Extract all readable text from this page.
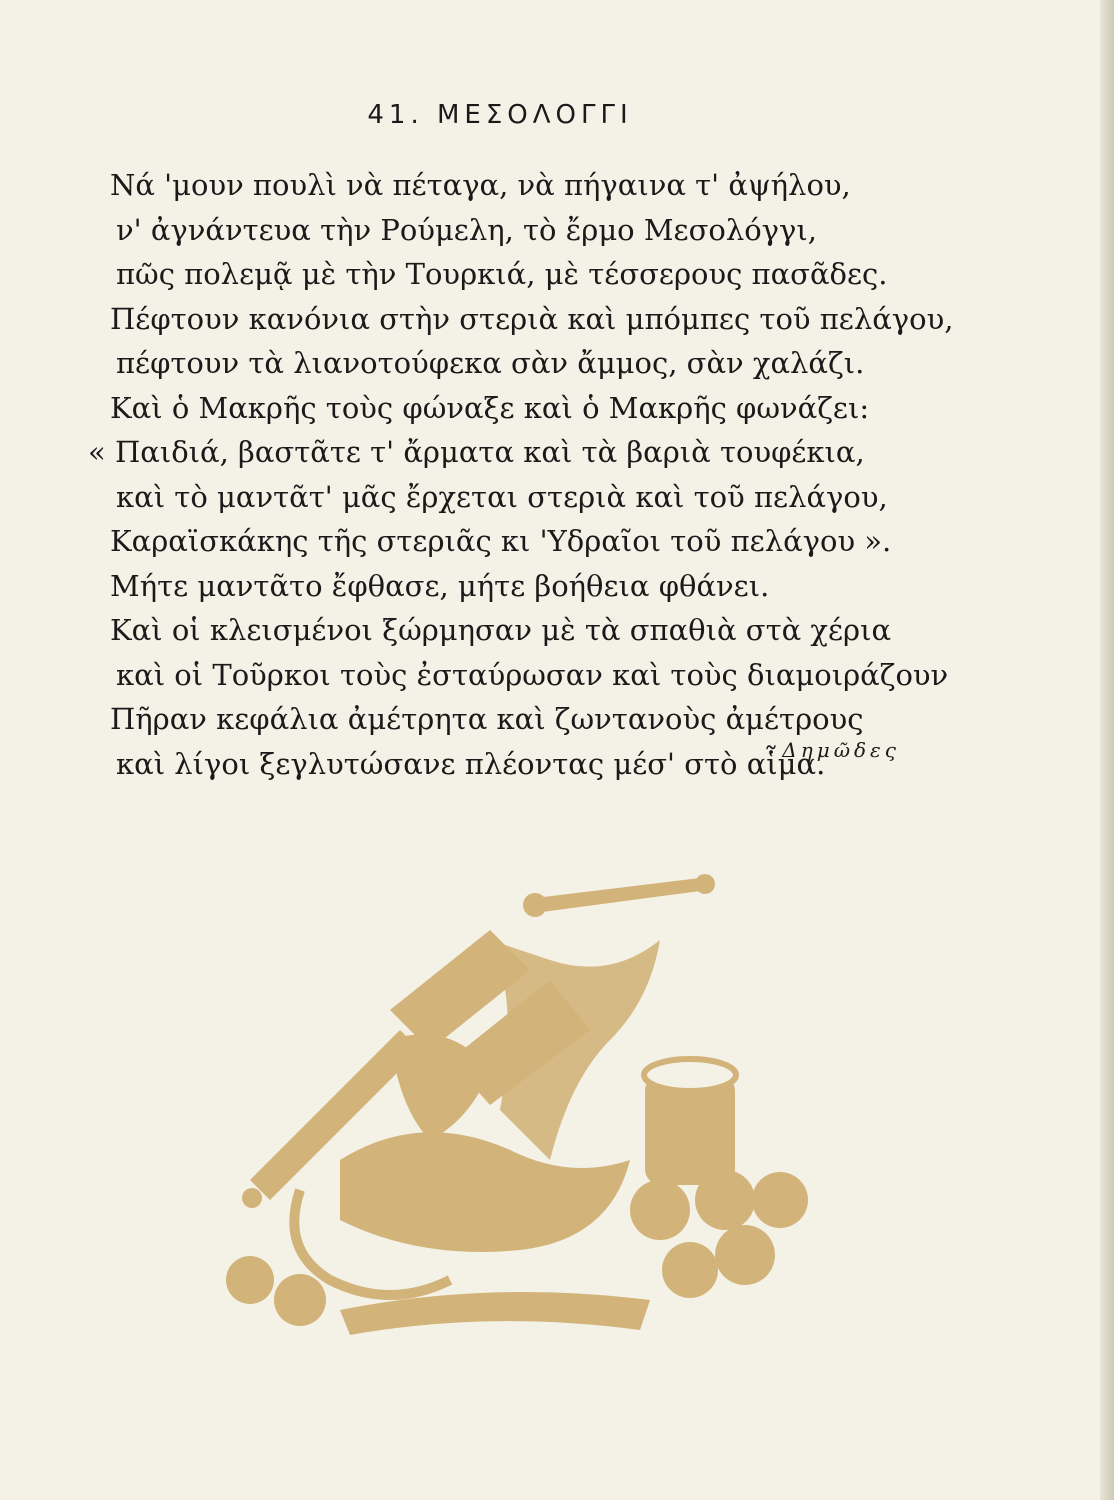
41. ΜΕΣΟΛΟΓΓΙ
Νά 'μουν πουλὶ νὰ πέταγα, νὰ πήγαινα τ' ἀψήλου,
ν' ἀγνάντευα τὴν Ρούμελη, τὸ ἔρμο Μεσολόγγι,
πῶς πολεμᾷ μὲ τὴν Τουρκιά, μὲ τέσσερους πασᾶδες.
Πέφτουν κανόνια στὴν στεριὰ καὶ μπόμπες τοῦ πελάγου,
πέφτουν τὰ λιανοτούφεκα σὰν ἄμμος, σὰν χαλάζι.
Καὶ ὁ Μακρῆς τοὺς φώναξε καὶ ὁ Μακρῆς φωνάζει:
« Παιδιά, βαστᾶτε τ' ἄρματα καὶ τὰ βαριὰ τουφέκια,
καὶ τὸ μαντᾶτ' μᾶς ἔρχεται στεριὰ καὶ τοῦ πελάγου,
Καραϊσκάκης τῆς στεριᾶς κι 'Υδραῖοι τοῦ πελάγου ».
Μήτε μαντᾶτο ἔφθασε, μήτε βοήθεια φθάνει.
Καὶ οἱ κλεισμένοι ξώρμησαν μὲ τὰ σπαθιὰ στὰ χέρια
καὶ οἱ Τοῦρκοι τοὺς ἐσταύρωσαν καὶ τοὺς διαμοιράζουν
Πῆραν κεφάλια ἀμέτρητα καὶ ζωντανοὺς ἀμέτρους
καὶ λίγοι ξεγλυτώσανε πλέοντας μέσ' στὸ αἷμα.
Δημῶδες
